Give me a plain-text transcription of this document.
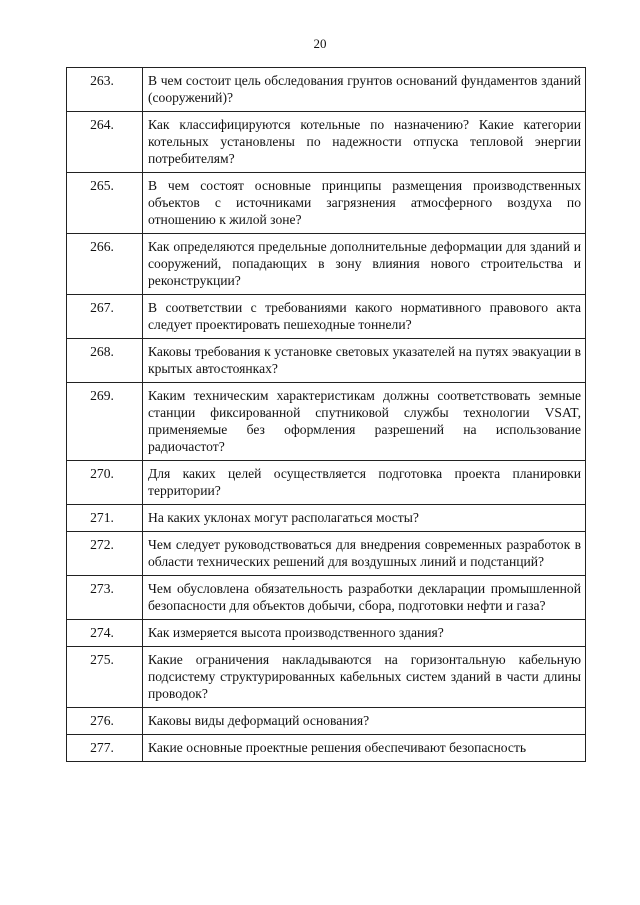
20
263.	В чем состоит цель обследования грунтов оснований фундаментов зданий (сооружений)?
264.	Как классифицируются котельные по назначению? Какие категории котельных установлены по надежности отпуска тепловой энергии потребителям?
265.	В чем состоят основные принципы размещения производственных объектов с источниками загрязнения атмосферного воздуха по отношению к жилой зоне?
266.	Как определяются предельные дополнительные деформации для зданий и сооружений, попадающих в зону влияния нового строительства и реконструкции?
267.	В соответствии с требованиями какого нормативного правового акта следует проектировать пешеходные тоннели?
268.	Каковы требования к установке световых указателей на путях эвакуации в крытых автостоянках?
269.	Каким техническим характеристикам должны соответствовать земные станции фиксированной спутниковой службы технологии VSAT, применяемые без оформления разрешений на использование радиочастот?
270.	Для каких целей осуществляется подготовка проекта планировки территории?
271.	На каких уклонах могут располагаться мосты?
272.	Чем следует руководствоваться для внедрения современных разработок в области технических решений для воздушных линий и подстанций?
273.	Чем обусловлена обязательность разработки декларации промышленной безопасности для объектов добычи, сбора, подготовки нефти и газа?
274.	Как измеряется высота производственного здания?
275.	Какие ограничения накладываются на горизонтальную кабельную подсистему структурированных кабельных систем зданий в части длины проводок?
276.	Каковы виды деформаций основания?
277.	Какие основные проектные решения обеспечивают безопасность
